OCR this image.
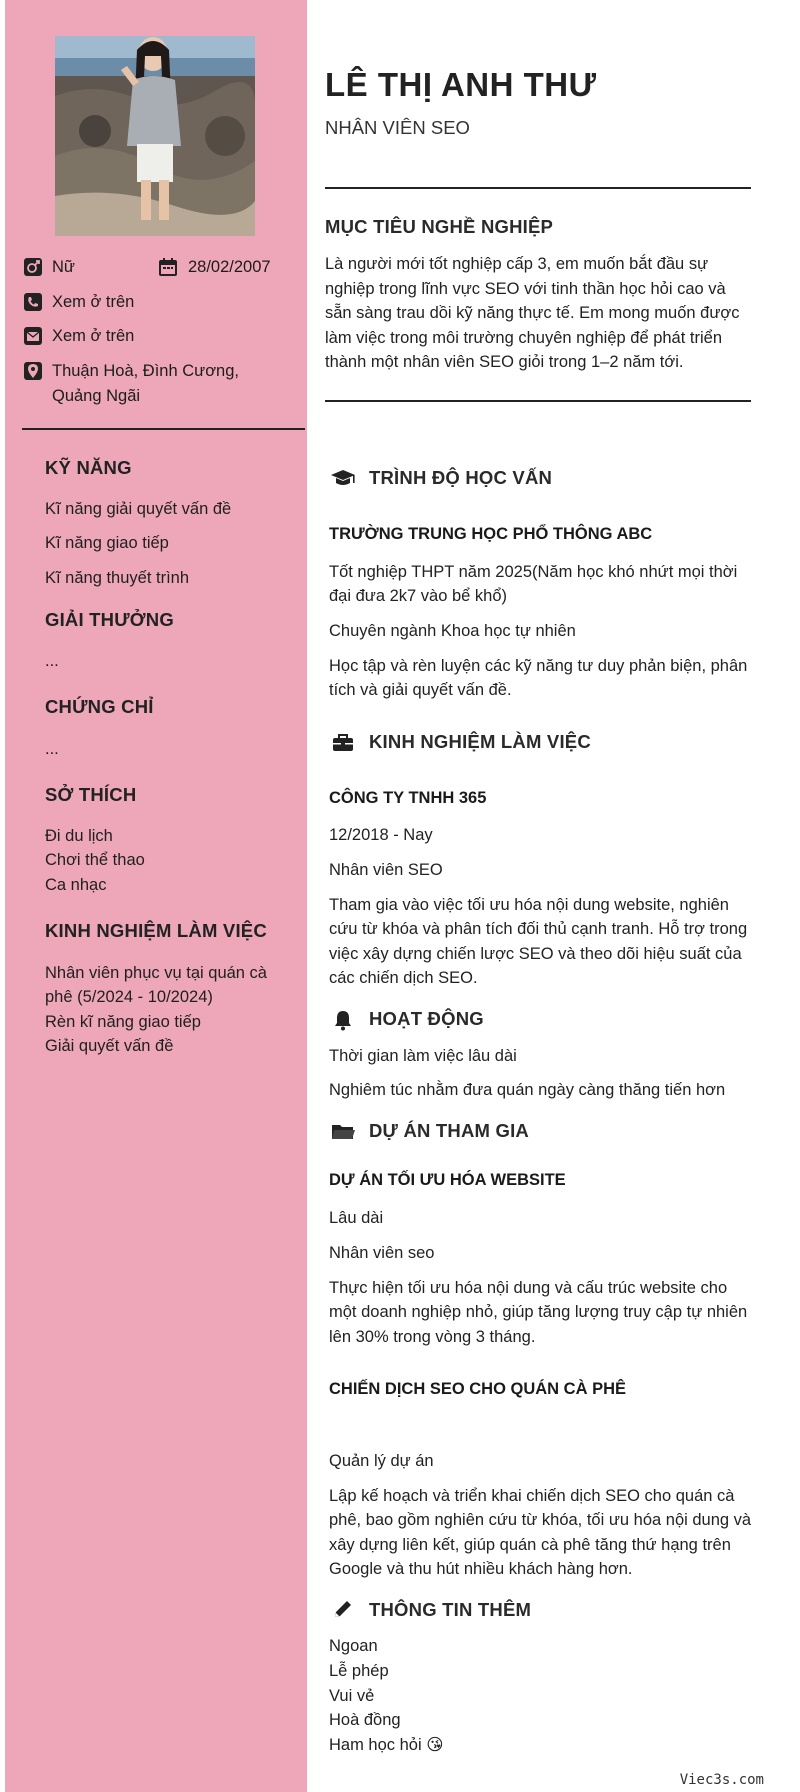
Nữ	28/02/2007
Xem ở trên
Xem ở trên
Thuận Hoà, Đình Cương,
Quảng Ngãi
KỸ NĂNG
Kĩ năng giải quyết vấn đề
Kĩ năng giao tiếp
Kĩ năng thuyết trình
GIẢI THƯỞNG
...
CHỨNG CHỈ
...
SỞ THÍCH
Đi du lịch
Chơi thể thao
Ca nhạc
KINH NGHIỆM LÀM VIỆC
Nhân viên phục vụ tại quán cà
phê (5/2024 - 10/2024)
Rèn kĩ năng giao tiếp
Giải quyết vấn đề
LÊ THỊ ANH THƯ
NHÂN VIÊN SEO
MỤC TIÊU NGHỀ NGHIỆP
Là người mới tốt nghiệp cấp 3, em muốn bắt đầu sự
nghiệp trong lĩnh vực SEO với tinh thần học hỏi cao và
sẵn sàng trau dồi kỹ năng thực tế. Em mong muốn được
làm việc trong môi trường chuyên nghiệp để phát triển
thành một nhân viên SEO giỏi trong 1–2 năm tới.
TRÌNH ĐỘ HỌC VẤN
TRƯỜNG TRUNG HỌC PHỔ THÔNG ABC
Tốt nghiệp THPT năm 2025(Năm học khó nhứt mọi thời
đại đưa 2k7 vào bể khổ)
Chuyên ngành Khoa học tự nhiên
Học tập và rèn luyện các kỹ năng tư duy phản biện, phân
tích và giải quyết vấn đề.
KINH NGHIỆM LÀM VIỆC
CÔNG TY TNHH 365
12/2018 - Nay
Nhân viên SEO
Tham gia vào việc tối ưu hóa nội dung website, nghiên
cứu từ khóa và phân tích đối thủ cạnh tranh. Hỗ trợ trong
việc xây dựng chiến lược SEO và theo dõi hiệu suất của
các chiến dịch SEO.
HOẠT ĐỘNG
Thời gian làm việc lâu dài
Nghiêm túc nhằm đưa quán ngày càng thăng tiến hơn
DỰ ÁN THAM GIA
DỰ ÁN TỐI ƯU HÓA WEBSITE
Lâu dài
Nhân viên seo
Thực hiện tối ưu hóa nội dung và cấu trúc website cho
một doanh nghiệp nhỏ, giúp tăng lượng truy cập tự nhiên
lên 30% trong vòng 3 tháng.
CHIẾN DỊCH SEO CHO QUÁN CÀ PHÊ
Quản lý dự án
Lập kế hoạch và triển khai chiến dịch SEO cho quán cà
phê, bao gồm nghiên cứu từ khóa, tối ưu hóa nội dung và
xây dựng liên kết, giúp quán cà phê tăng thứ hạng trên
Google và thu hút nhiều khách hàng hơn.
THÔNG TIN THÊM
Ngoan
Lễ phép
Vui vẻ
Hoà đồng
Ham học hỏi 😘
Viec3s.com
